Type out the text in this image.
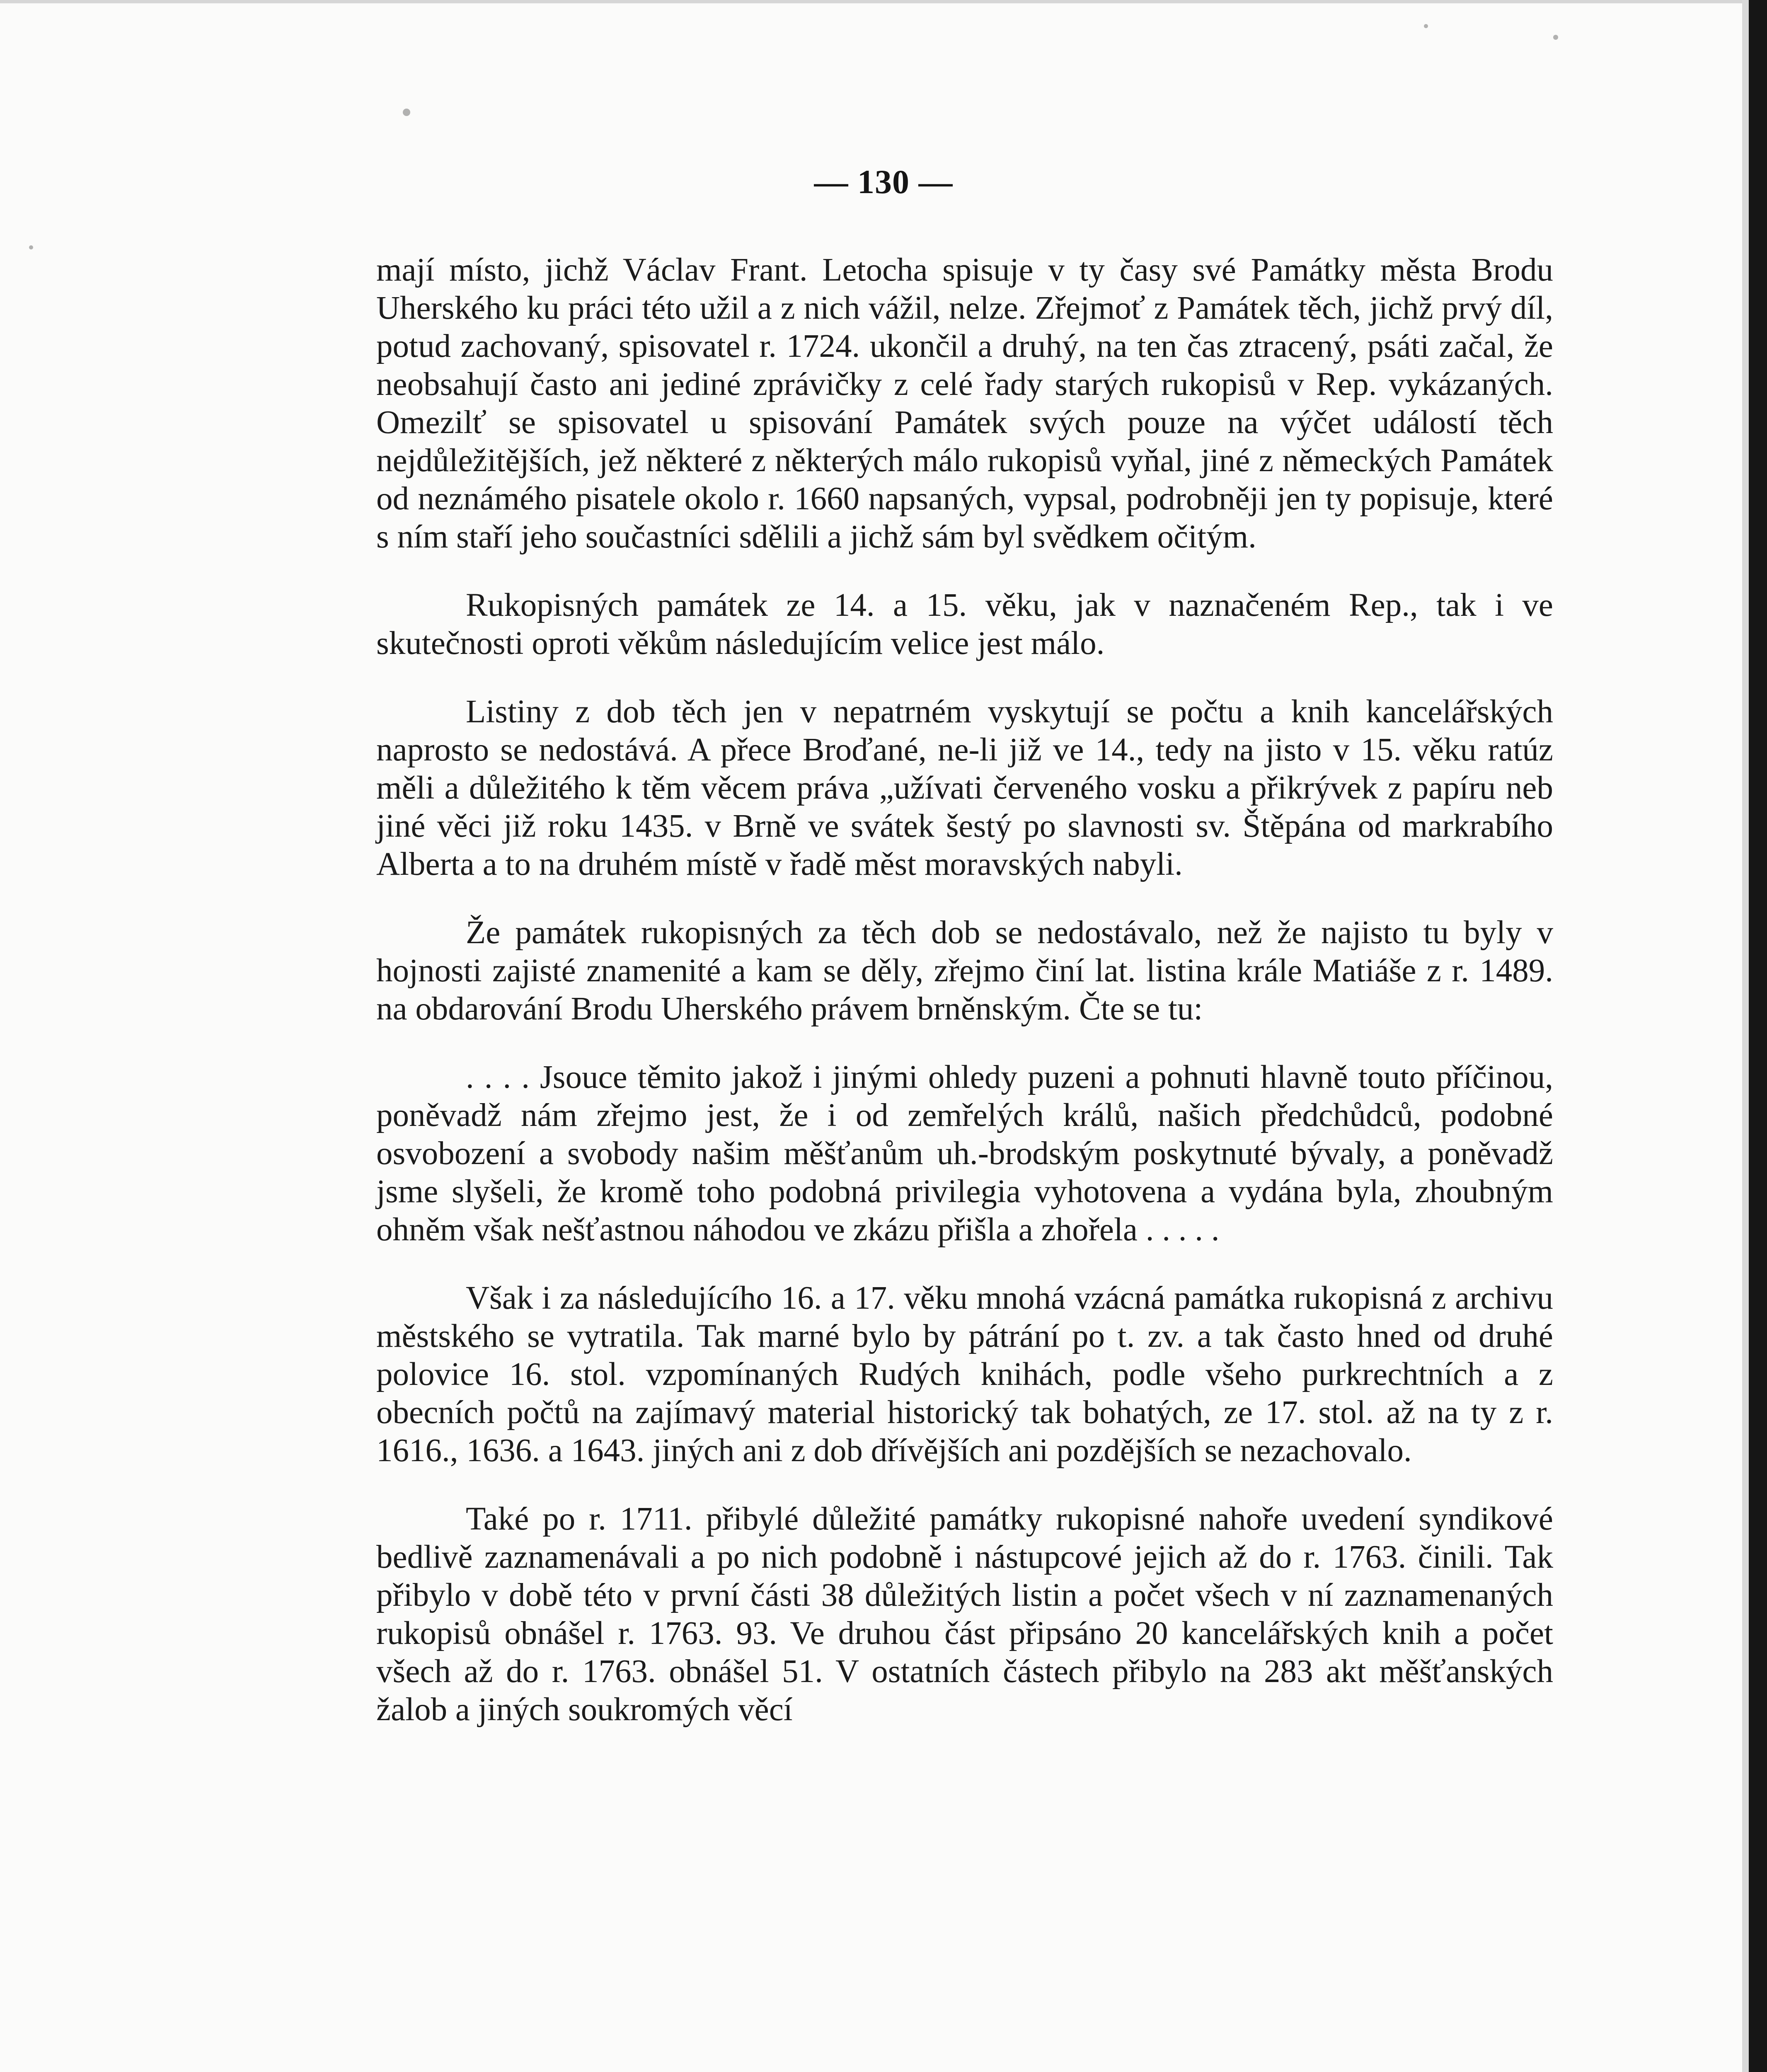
— 130 —

mají místo, jichž Václav Frant. Letocha spisuje v ty časy své Památky města Brodu Uherského ku práci této užil a z nich vážil, nelze. Zřejmoť z Památek těch, jichž prvý díl, potud zachovaný, spisovatel r. 1724. ukončil a druhý, na ten čas ztracený, psáti začal, že neobsahují často ani jediné zprávičky z celé řady starých rukopisů v Rep. vykázaných. Omezilť se spisovatel u spisování Památek svých pouze na výčet událostí těch nejdůležitějších, jež některé z některých málo rukopisů vyňal, jiné z německých Památek od neznámého pisatele okolo r. 1660 napsaných, vypsal, podrobněji jen ty popisuje, které s ním staří jeho součastníci sdělili a jichž sám byl svědkem očitým.

Rukopisných památek ze 14. a 15. věku, jak v naznačeném Rep., tak i ve skutečnosti oproti věkům následujícím velice jest málo.

Listiny z dob těch jen v nepatrném vyskytují se počtu a knih kancelářských naprosto se nedostává. A přece Broďané, ne-li již ve 14., tedy na jisto v 15. věku ratúz měli a důležitého k těm věcem práva „užívati červeného vosku a přikrývek z papíru neb jiné věci již roku 1435. v Brně ve svátek šestý po slavnosti sv. Štěpána od markrabího Alberta a to na druhém místě v řadě měst moravských nabyli.

Že památek rukopisných za těch dob se nedostávalo, než že najisto tu byly v hojnosti zajisté znamenité a kam se děly, zřejmo činí lat. listina krále Matiáše z r. 1489. na obdarování Brodu Uherského právem brněnským. Čte se tu:

. . . . Jsouce těmito jakož i jinými ohledy puzeni a pohnuti hlavně touto příčinou, poněvadž nám zřejmo jest, že i od zemřelých králů, našich předchůdců, podobné osvobození a svobody našim měšťanům uh.-brodským poskytnuté bývaly, a poněvadž jsme slyšeli, že kromě toho podobná privilegia vyhotovena a vydána byla, zhoubným ohněm však nešťastnou náhodou ve zkázu přišla a zhořela . . . . .

Však i za následujícího 16. a 17. věku mnohá vzácná památka rukopisná z archivu městského se vytratila. Tak marné bylo by pátrání po t. zv. a tak často hned od druhé polovice 16. stol. vzpomínaných Rudých knihách, podle všeho purkrechtních a z obecních počtů na zajímavý material historický tak bohatých, ze 17. stol. až na ty z r. 1616., 1636. a 1643. jiných ani z dob dřívějších ani pozdějších se nezachovalo.

Také po r. 1711. přibylé důležité památky rukopisné nahoře uvedení syndikové bedlivě zaznamenávali a po nich podobně i nástupcové jejich až do r. 1763. činili. Tak přibylo v době této v první části 38 důležitých listin a počet všech v ní zaznamenaných rukopisů obnášel r. 1763. 93. Ve druhou část připsáno 20 kancelářských knih a počet všech až do r. 1763. obnášel 51. V ostatních částech přibylo na 283 akt měšťanských žalob a jiných soukromých věcí
